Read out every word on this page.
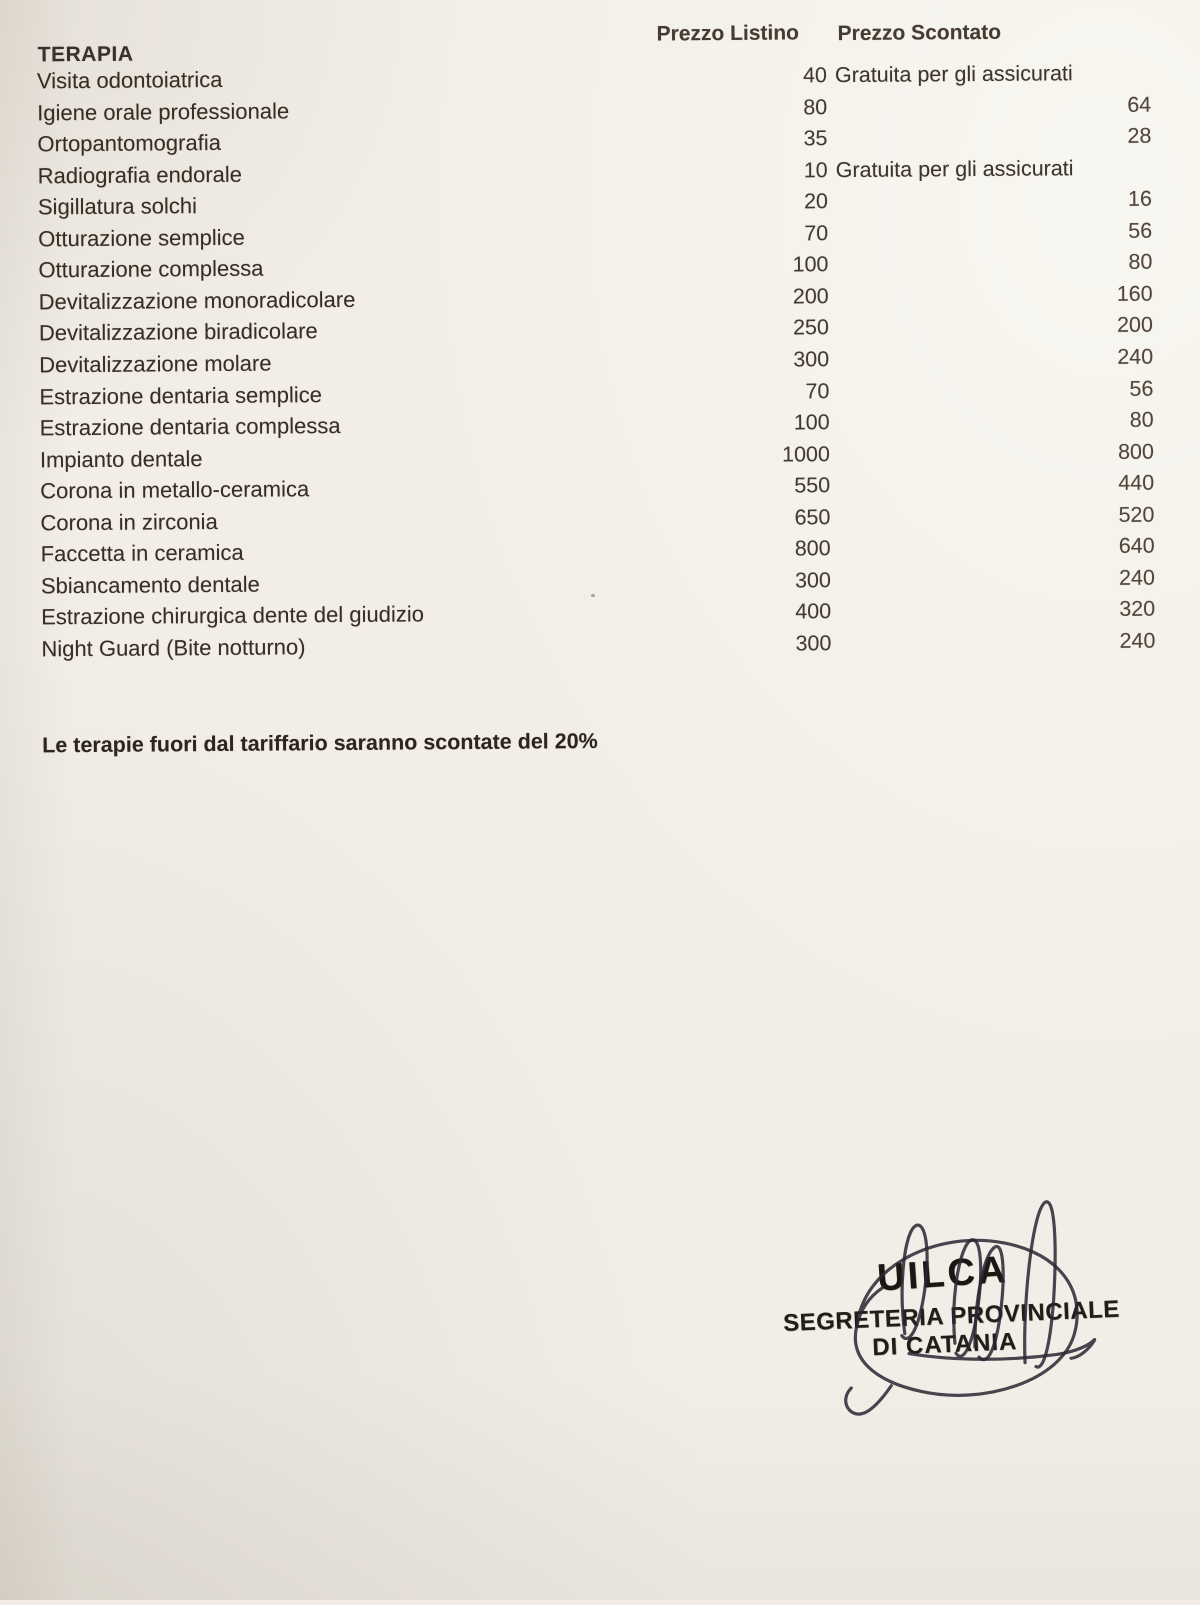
TERAPIA
Prezzo Listino Prezzo Scontato
Visita odontoiatrica	40 Gratuita per gli assicurati
Igiene orale professionale	80	64
Ortopantomografia	35	28
Radiografia endorale	10 Gratuita per gli assicurati
Sigillatura solchi	20	16
Otturazione semplice	70	56
Otturazione complessa	100	80
Devitalizzazione monoradicolare	200	160
Devitalizzazione biradicolare	250	200
Devitalizzazione molare	300	240
Estrazione dentaria semplice	70	56
Estrazione dentaria complessa	100	80
Impianto dentale	1000	800
Corona in metallo-ceramica	550	440
Corona in zirconia	650	520
Faccetta in ceramica	800	640
Sbiancamento dentale	300	240
Estrazione chirurgica dente del giudizio	400	320
Night Guard (Bite notturno)	300	240
Le terapie fuori dal tariffario saranno scontate del 20%
UILCA
SEGRETERIA PROVINCIALE
DI CATANIA
